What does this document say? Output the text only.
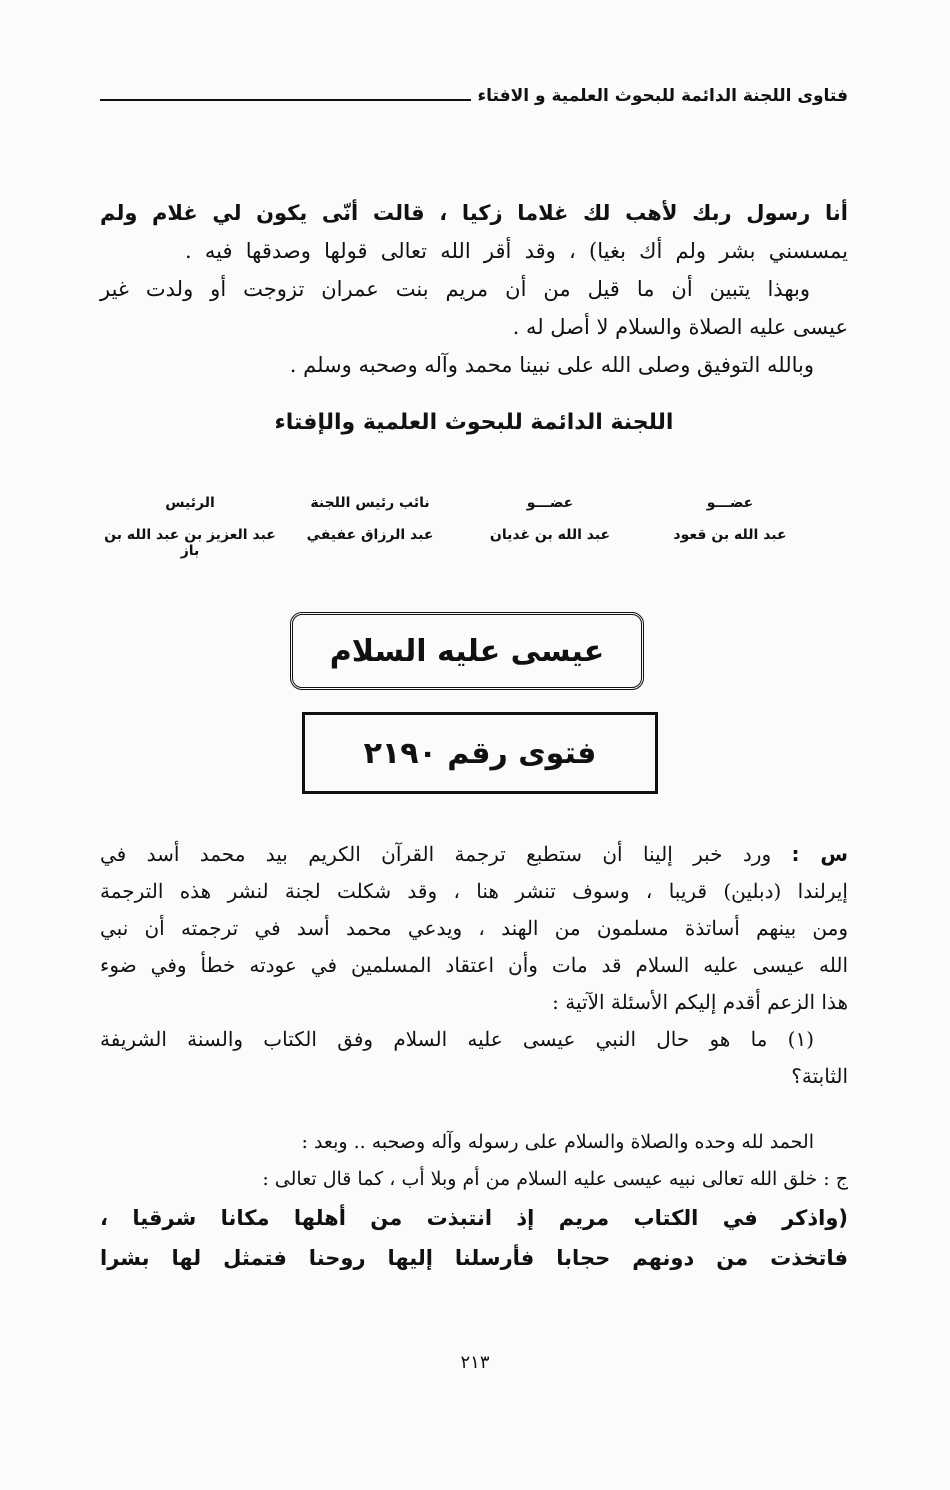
فتاوى اللجنة الدائمة للبحوث العلمية و الافتاء
أنا رسول ربك لأهب لك غلاما زكيا ، قالت أنّى يكون لي غلام ولم
يمسسني بشر ولم أك بغيا) ، وقد أقر الله تعالى قولها وصدقها فيه .
وبهذا يتبين أن ما قيل من أن مريم بنت عمران تزوجت أو ولدت غير
عيسى عليه الصلاة والسلام لا أصل له .
وبالله التوفيق وصلى الله على نبينا محمد وآله وصحبه وسلم .
اللجنة الدائمة للبحوث العلمية والإفتاء
عضـــو
عضـــو
نائب رئيس اللجنة
الرئيس
عبد الله بن قعود
عبد الله بن غديان
عبد الرزاق عفيفي
عبد العزيز بن عبد الله بن باز
عيسى عليه السلام
فتوى رقم ٢١٩٠
س : ورد خبر إلينا أن ستطبع ترجمة القرآن الكريم بيد محمد أسد في
إيرلندا (دبلين) قريبا ، وسوف تنشر هنا ، وقد شكلت لجنة لنشر هذه الترجمة
ومن بينهم أساتذة مسلمون من الهند ، ويدعي محمد أسد في ترجمته أن نبي
الله عيسى عليه السلام قد مات وأن اعتقاد المسلمين في عودته خطأ وفي ضوء
هذا الزعم أقدم إليكم الأسئلة الآتية :
(١) ما هو حال النبي عيسى عليه السلام وفق الكتاب والسنة الشريفة
الثابتة؟
الحمد لله وحده والصلاة والسلام على رسوله وآله وصحبه .. وبعد :
ج : خلق الله تعالى نبيه عيسى عليه السلام من أم وبلا أب ، كما قال تعالى :
(واذكر في الكتاب مريم إذ انتبذت من أهلها مكانا شرقيا ،
فاتخذت من دونهم حجابا فأرسلنا إليها روحنا فتمثل لها بشرا
٢١٣
